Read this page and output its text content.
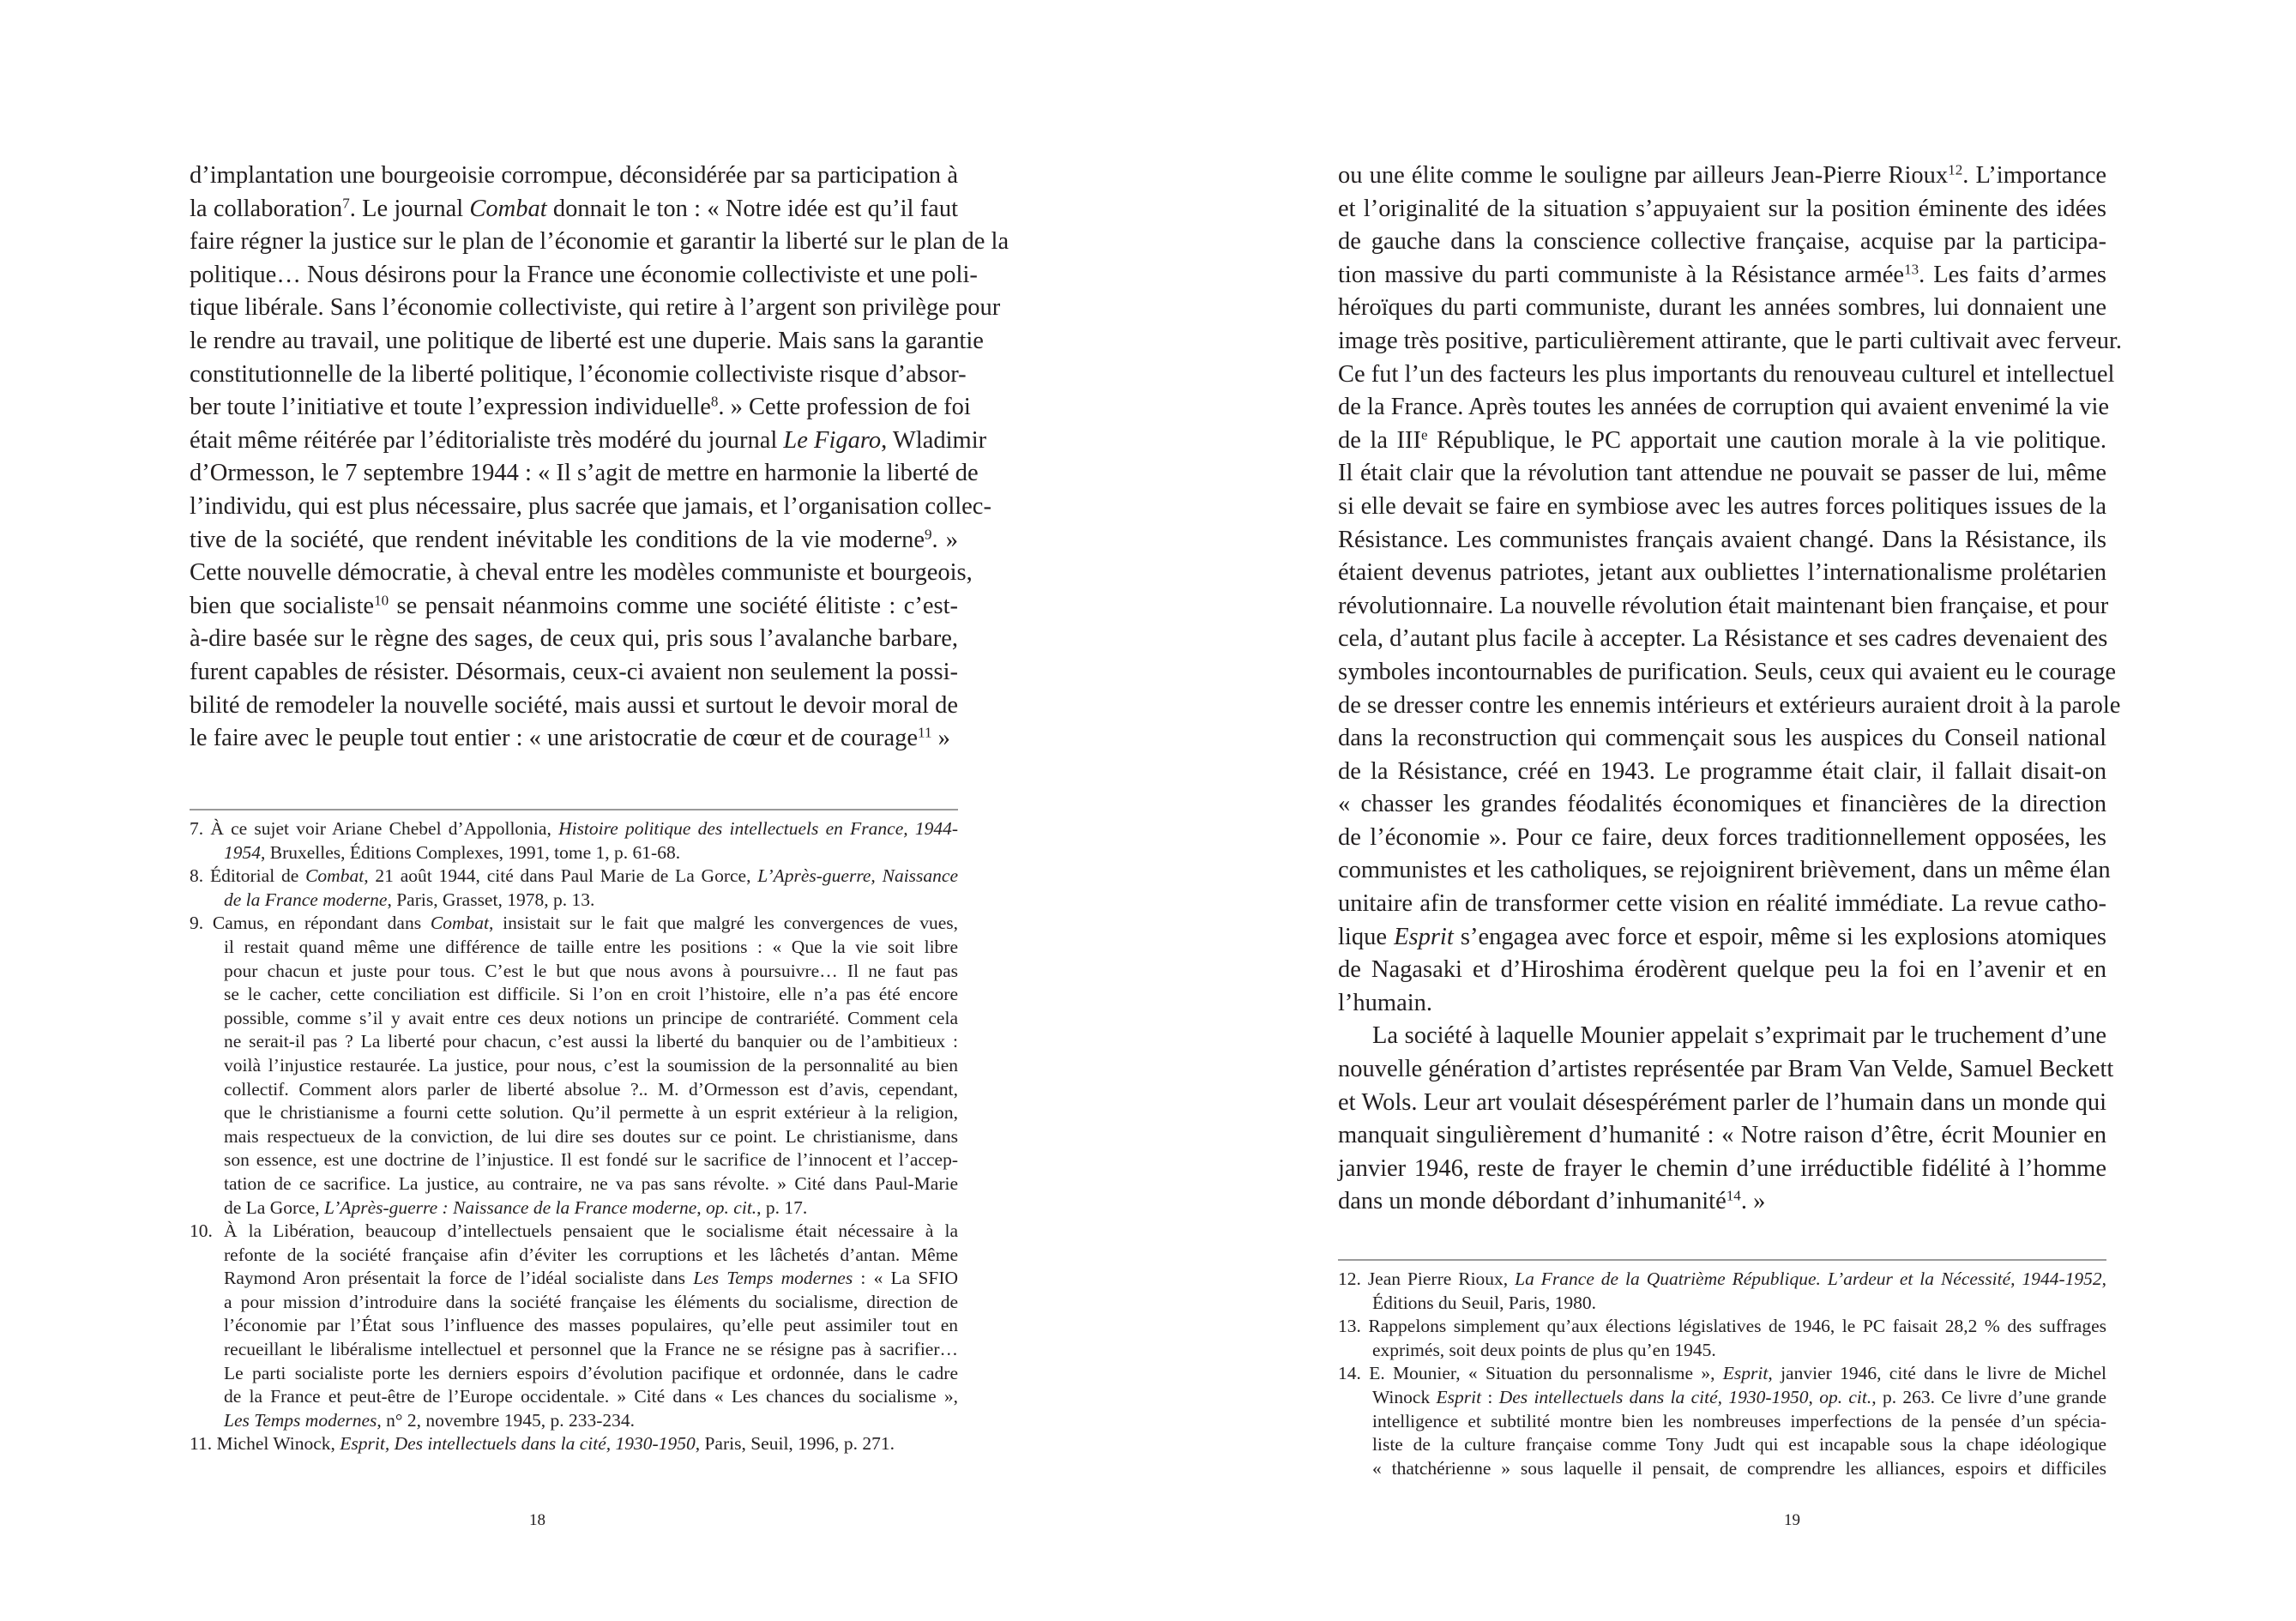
d’implantation une bourgeoisie corrompue, déconsidérée par sa participation à
la collaboration$^7$. Le journal Combat donnait le ton : « Notre idée est qu’il faut
faire régner la justice sur le plan de l’économie et garantir la liberté sur le plan de la
politique… Nous désirons pour la France une économie collectiviste et une poli-
tique libérale. Sans l’économie collectiviste, qui retire à l’argent son privilège pour
le rendre au travail, une politique de liberté est une duperie. Mais sans la garantie
constitutionnelle de la liberté politique, l’économie collectiviste risque d’absor-
ber toute l’initiative et toute l’expression individuelle$^8$. » Cette profession de foi
était même réitérée par l’éditorialiste très modéré du journal Le Figaro, Wladimir
d’Ormesson, le 7 septembre 1944 : « Il s’agit de mettre en harmonie la liberté de
l’individu, qui est plus nécessaire, plus sacrée que jamais, et l’organisation collec-
tive de la société, que rendent inévitable les conditions de la vie moderne$^9$. »
Cette nouvelle démocratie, à cheval entre les modèles communiste et bourgeois,
bien que socialiste$^{10}$ se pensait néanmoins comme une société élitiste : c’est-
à-dire basée sur le règne des sages, de ceux qui, pris sous l’avalanche barbare,
furent capables de résister. Désormais, ceux-ci avaient non seulement la possi-
bilité de remodeler la nouvelle société, mais aussi et surtout le devoir moral de
le faire avec le peuple tout entier : « une aristocratie de cœur et de courage$^{11}$ »
7. À ce sujet voir Ariane Chebel d’Appollonia, Histoire politique des intellectuels en France, 1944-
1954, Bruxelles, Éditions Complexes, 1991, tome 1, p. 61-68.
8. Éditorial de Combat, 21 août 1944, cité dans Paul Marie de La Gorce, L’Après-guerre, Naissance
de la France moderne, Paris, Grasset, 1978, p. 13.
9. Camus, en répondant dans Combat, insistait sur le fait que malgré les convergences de vues,
il restait quand même une différence de taille entre les positions : « Que la vie soit libre
pour chacun et juste pour tous. C’est le but que nous avons à poursuivre… Il ne faut pas
se le cacher, cette conciliation est difficile. Si l’on en croit l’histoire, elle n’a pas été encore
possible, comme s’il y avait entre ces deux notions un principe de contrariété. Comment cela
ne serait-il pas ? La liberté pour chacun, c’est aussi la liberté du banquier ou de l’ambitieux :
voilà l’injustice restaurée. La justice, pour nous, c’est la soumission de la personnalité au bien
collectif. Comment alors parler de liberté absolue ?.. M. d’Ormesson est d’avis, cependant,
que le christianisme a fourni cette solution. Qu’il permette à un esprit extérieur à la religion,
mais respectueux de la conviction, de lui dire ses doutes sur ce point. Le christianisme, dans
son essence, est une doctrine de l’injustice. Il est fondé sur le sacrifice de l’innocent et l’accep-
tation de ce sacrifice. La justice, au contraire, ne va pas sans révolte. » Cité dans Paul-Marie
de La Gorce, L’Après-guerre : Naissance de la France moderne, op. cit., p. 17.
10. À la Libération, beaucoup d’intellectuels pensaient que le socialisme était nécessaire à la
refonte de la société française afin d’éviter les corruptions et les lâchetés d’antan. Même
Raymond Aron présentait la force de l’idéal socialiste dans Les Temps modernes : « La SFIO
a pour mission d’introduire dans la société française les éléments du socialisme, direction de
l’économie par l’État sous l’influence des masses populaires, qu’elle peut assimiler tout en
recueillant le libéralisme intellectuel et personnel que la France ne se résigne pas à sacrifier…
Le parti socialiste porte les derniers espoirs d’évolution pacifique et ordonnée, dans le cadre
de la France et peut-être de l’Europe occidentale. » Cité dans « Les chances du socialisme »,
Les Temps modernes, n° 2, novembre 1945, p. 233-234.
11. Michel Winock, Esprit, Des intellectuels dans la cité, 1930-1950, Paris, Seuil, 1996, p. 271.
18
ou une élite comme le souligne par ailleurs Jean-Pierre Rioux$^{12}$. L’importance
et l’originalité de la situation s’appuyaient sur la position éminente des idées
de gauche dans la conscience collective française, acquise par la participa-
tion massive du parti communiste à la Résistance armée$^{13}$. Les faits d’armes
héroïques du parti communiste, durant les années sombres, lui donnaient une
image très positive, particulièrement attirante, que le parti cultivait avec ferveur.
Ce fut l’un des facteurs les plus importants du renouveau culturel et intellectuel
de la France. Après toutes les années de corruption qui avaient envenimé la vie
de la IIIe République, le PC apportait une caution morale à la vie politique.
Il était clair que la révolution tant attendue ne pouvait se passer de lui, même
si elle devait se faire en symbiose avec les autres forces politiques issues de la
Résistance. Les communistes français avaient changé. Dans la Résistance, ils
étaient devenus patriotes, jetant aux oubliettes l’internationalisme prolétarien
révolutionnaire. La nouvelle révolution était maintenant bien française, et pour
cela, d’autant plus facile à accepter. La Résistance et ses cadres devenaient des
symboles incontournables de purification. Seuls, ceux qui avaient eu le courage
de se dresser contre les ennemis intérieurs et extérieurs auraient droit à la parole
dans la reconstruction qui commençait sous les auspices du Conseil national
de la Résistance, créé en 1943. Le programme était clair, il fallait disait-on
« chasser les grandes féodalités économiques et financières de la direction
de l’économie ». Pour ce faire, deux forces traditionnellement opposées, les
communistes et les catholiques, se rejoignirent brièvement, dans un même élan
unitaire afin de transformer cette vision en réalité immédiate. La revue catho-
lique Esprit s’engagea avec force et espoir, même si les explosions atomiques
de Nagasaki et d’Hiroshima érodèrent quelque peu la foi en l’avenir et en
l’humain.
La société à laquelle Mounier appelait s’exprimait par le truchement d’une
nouvelle génération d’artistes représentée par Bram Van Velde, Samuel Beckett
et Wols. Leur art voulait désespérément parler de l’humain dans un monde qui
manquait singulièrement d’humanité : « Notre raison d’être, écrit Mounier en
janvier 1946, reste de frayer le chemin d’une irréductible fidélité à l’homme
dans un monde débordant d’inhumanité$^{14}$. »
12. Jean Pierre Rioux, La France de la Quatrième République. L’ardeur et la Nécessité, 1944-1952,
Éditions du Seuil, Paris, 1980.
13. Rappelons simplement qu’aux élections législatives de 1946, le PC faisait 28,2 % des suffrages
exprimés, soit deux points de plus qu’en 1945.
14. E. Mounier, « Situation du personnalisme », Esprit, janvier 1946, cité dans le livre de Michel
Winock Esprit : Des intellectuels dans la cité, 1930-1950, op. cit., p. 263. Ce livre d’une grande
intelligence et subtilité montre bien les nombreuses imperfections de la pensée d’un spécia-
liste de la culture française comme Tony Judt qui est incapable sous la chape idéologique
« thatchérienne » sous laquelle il pensait, de comprendre les alliances, espoirs et difficiles
19
